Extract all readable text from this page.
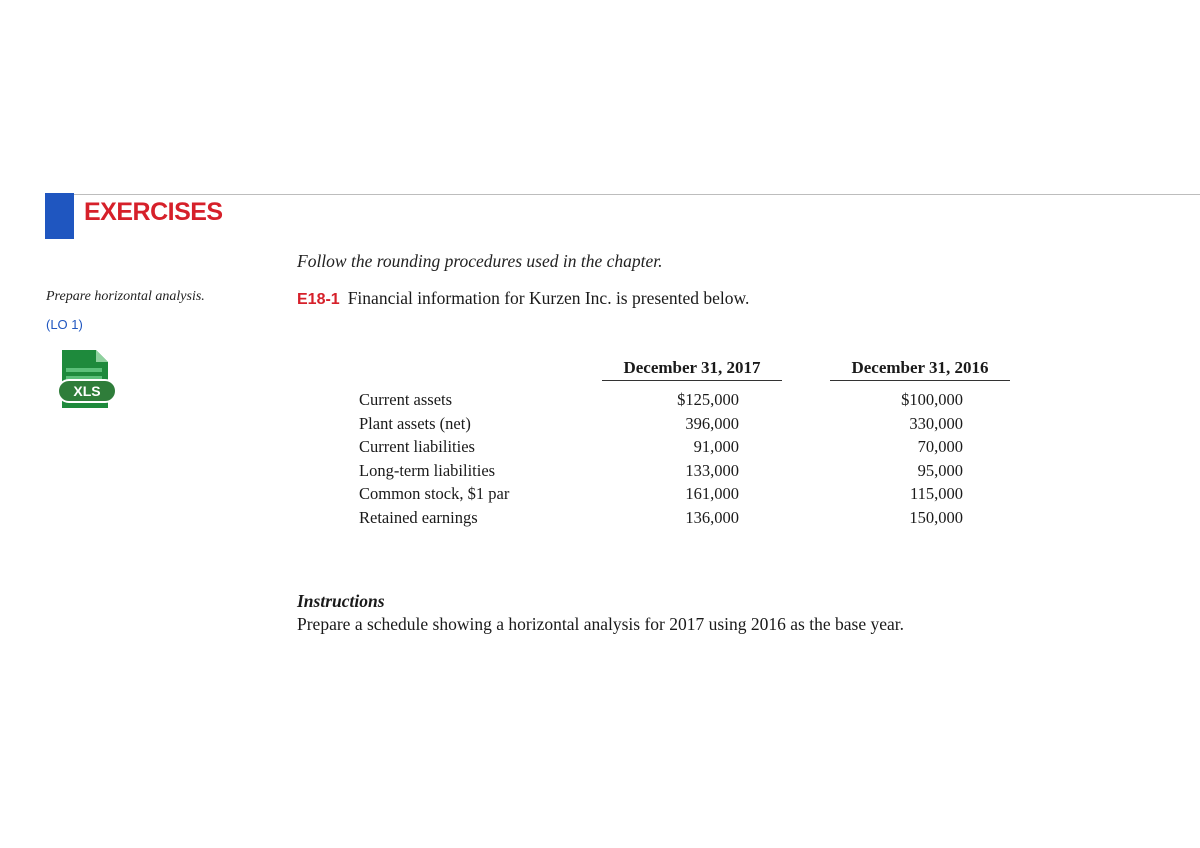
EXERCISES
Follow the rounding procedures used in the chapter.
Prepare horizontal analysis.
(LO 1)
XLS
E18-1 Financial information for Kurzen Inc. is presented below.
December 31, 2017	December 31, 2016
Current assets	$125,000		$100,000
Plant assets (net)	396,000		330,000
Current liabilities	91,000		70,000
Long-term liabilities	133,000		95,000
Common stock, $1 par	161,000		115,000
Retained earnings	136,000		150,000
Instructions
Prepare a schedule showing a horizontal analysis for 2017 using 2016 as the base year.
